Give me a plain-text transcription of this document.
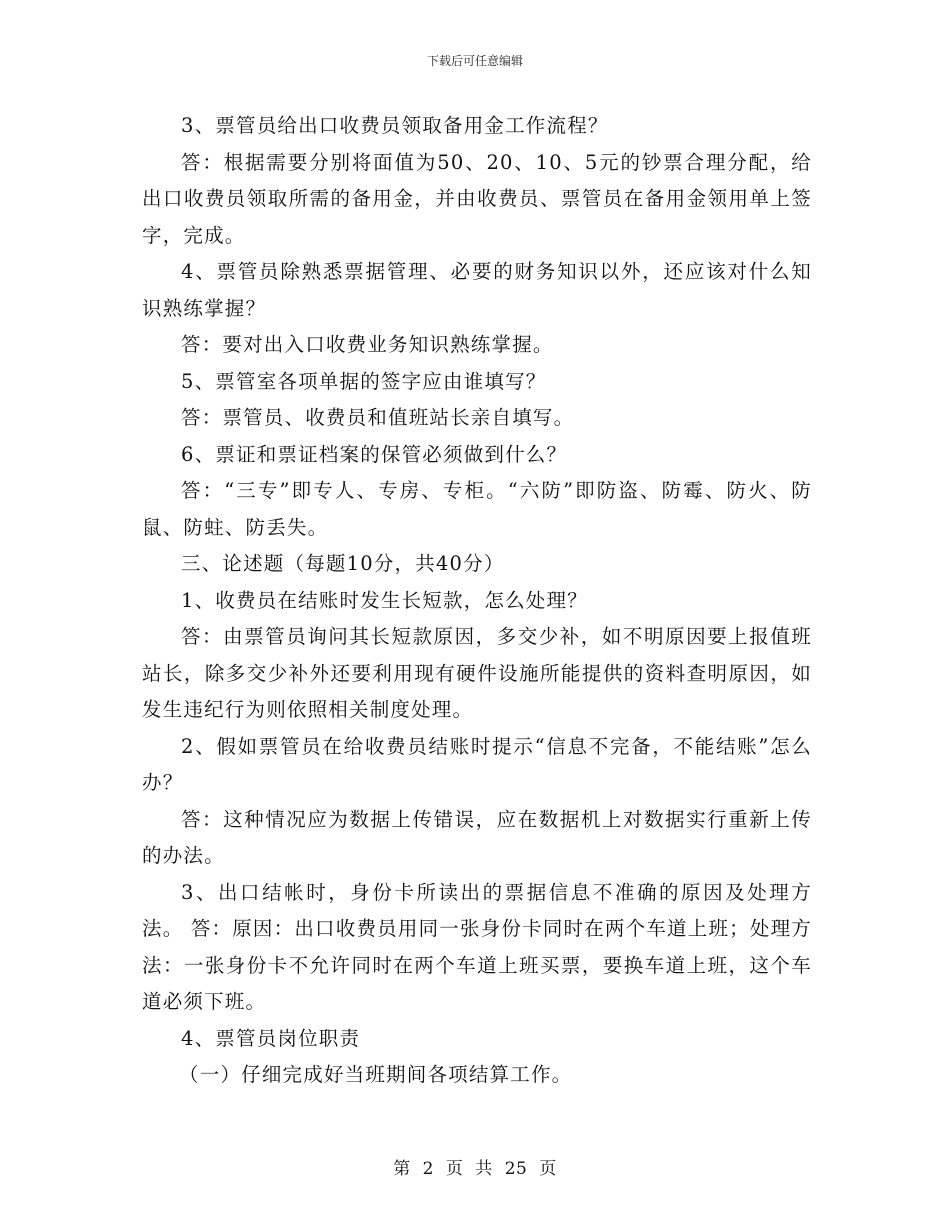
下载后可任意编辑

3、票管员给出口收费员领取备用金工作流程？

答：根据需要分别将面值为50、20、10、5元的钞票合理分配，给出口收费员领取所需的备用金，并由收费员、票管员在备用金领用单上签字，完成。

4、票管员除熟悉票据管理、必要的财务知识以外，还应该对什么知识熟练掌握？

答：要对出入口收费业务知识熟练掌握。

5、票管室各项单据的签字应由谁填写？

答：票管员、收费员和值班站长亲自填写。

6、票证和票证档案的保管必须做到什么？

答：“三专”即专人、专房、专柜。“六防”即防盗、防霉、防火、防鼠、防蛀、防丢失。

三、论述题（每题10分，共40分）

1、收费员在结账时发生长短款，怎么处理？

答：由票管员询问其长短款原因，多交少补，如不明原因要上报值班站长，除多交少补外还要利用现有硬件设施所能提供的资料查明原因，如发生违纪行为则依照相关制度处理。

2、假如票管员在给收费员结账时提示“信息不完备，不能结账”怎么办？

答：这种情况应为数据上传错误，应在数据机上对数据实行重新上传的办法。

3、出口结帐时，身份卡所读出的票据信息不准确的原因及处理方法。 答：原因：出口收费员用同一张身份卡同时在两个车道上班；处理方法：一张身份卡不允许同时在两个车道上班买票，要换车道上班，这个车道必须下班。

4、票管员岗位职责

（一）仔细完成好当班期间各项结算工作。

第 2 页 共 25 页
